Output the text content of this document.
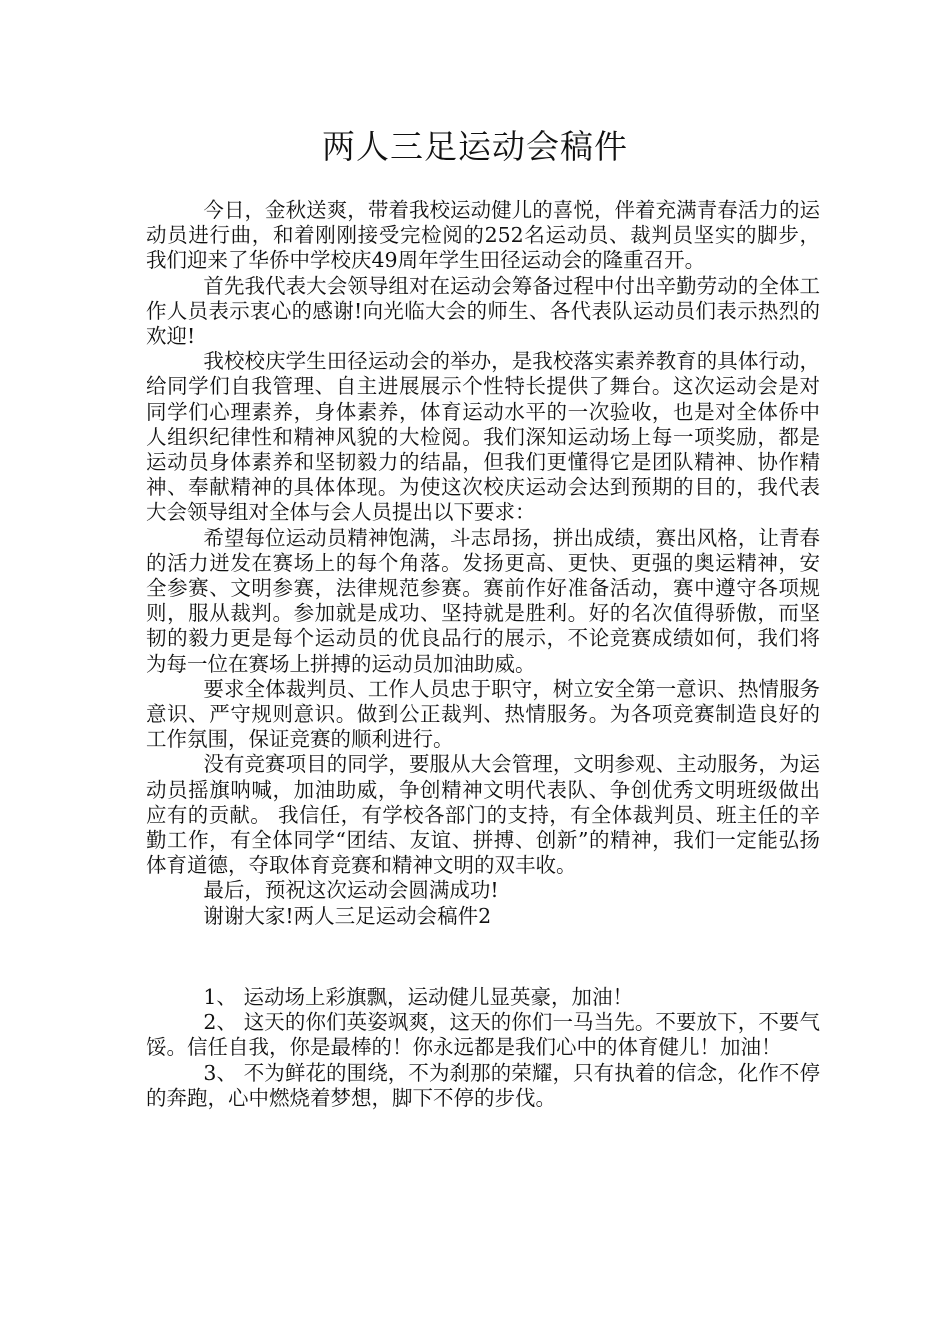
两人三足运动会稿件

今日，金秋送爽，带着我校运动健儿的喜悦，伴着充满青春活力的运动员进行曲，和着刚刚接受完检阅的252名运动员、裁判员坚实的脚步，我们迎来了华侨中学校庆49周年学生田径运动会的隆重召开。

首先我代表大会领导组对在运动会筹备过程中付出辛勤劳动的全体工作人员表示衷心的感谢!向光临大会的师生、各代表队运动员们表示热烈的欢迎!

我校校庆学生田径运动会的举办，是我校落实素养教育的具体行动，给同学们自我管理、自主进展展示个性特长提供了舞台。这次运动会是对同学们心理素养，身体素养，体育运动水平的一次验收，也是对全体侨中人组织纪律性和精神风貌的大检阅。我们深知运动场上每一项奖励，都是运动员身体素养和坚韧毅力的结晶，但我们更懂得它是团队精神、协作精神、奉献精神的具体体现。为使这次校庆运动会达到预期的目的，我代表大会领导组对全体与会人员提出以下要求：

希望每位运动员精神饱满，斗志昂扬，拼出成绩，赛出风格，让青春的活力迸发在赛场上的每个角落。发扬更高、更快、更强的奥运精神，安全参赛、文明参赛，法律规范参赛。赛前作好准备活动，赛中遵守各项规则，服从裁判。参加就是成功、坚持就是胜利。好的名次值得骄傲，而坚韧的毅力更是每个运动员的优良品行的展示，不论竞赛成绩如何，我们将为每一位在赛场上拼搏的运动员加油助威。

要求全体裁判员、工作人员忠于职守，树立安全第一意识、热情服务意识、严守规则意识。做到公正裁判、热情服务。为各项竞赛制造良好的工作氛围，保证竞赛的顺利进行。

没有竞赛项目的同学，要服从大会管理，文明参观、主动服务，为运动员摇旗呐喊，加油助威，争创精神文明代表队、争创优秀文明班级做出应有的贡献。 我信任，有学校各部门的支持，有全体裁判员、班主任的辛勤工作，有全体同学“团结、友谊、拼搏、创新”的精神，我们一定能弘扬体育道德，夺取体育竞赛和精神文明的双丰收。

最后，预祝这次运动会圆满成功!

谢谢大家!两人三足运动会稿件2

1、 运动场上彩旗飘，运动健儿显英豪，加油！

2、 这天的你们英姿飒爽，这天的你们一马当先。不要放下，不要气馁。信任自我，你是最棒的！你永远都是我们心中的体育健儿！加油！

3、 不为鲜花的围绕，不为刹那的荣耀，只有执着的信念，化作不停的奔跑，心中燃烧着梦想，脚下不停的步伐。
